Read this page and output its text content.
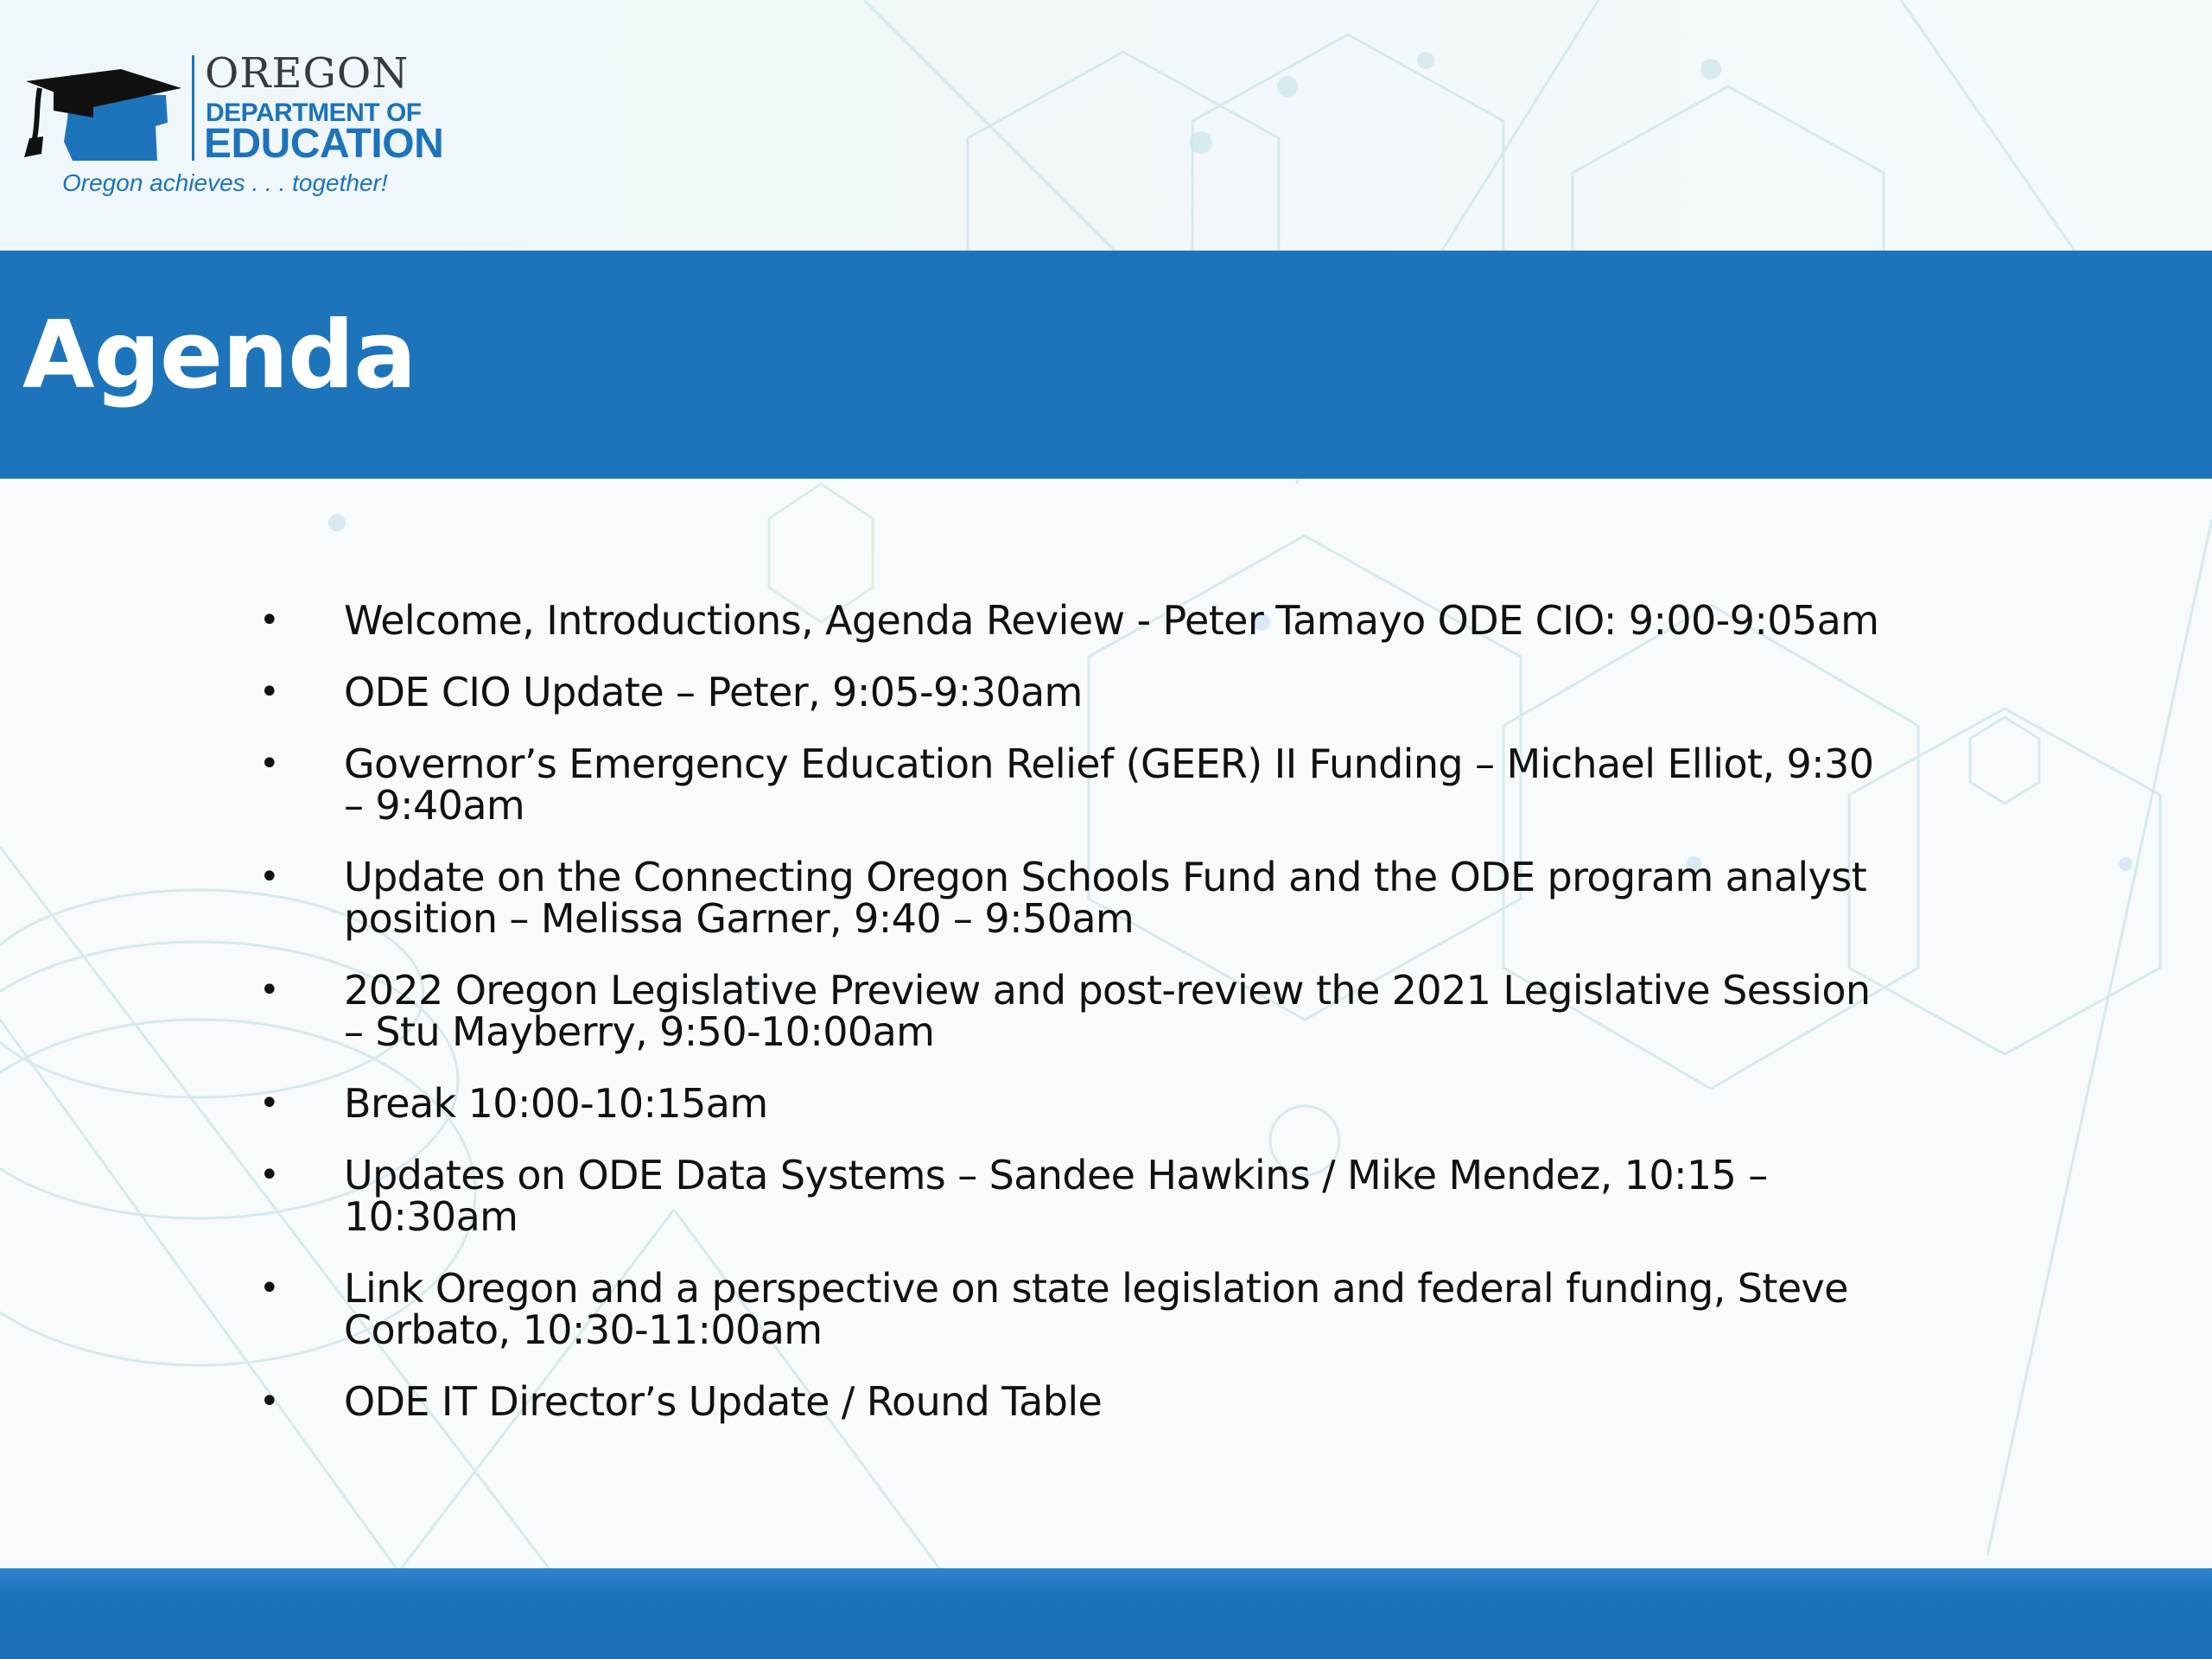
OREGON
DEPARTMENT OF
EDUCATION
Oregon achieves . . . together!
Agenda
• Welcome, Introductions, Agenda Review - Peter Tamayo ODE CIO: 9:00-9:05am
• ODE CIO Update – Peter, 9:05-9:30am
• Governor’s Emergency Education Relief (GEER) II Funding – Michael Elliot, 9:30 – 9:40am
• Update on the Connecting Oregon Schools Fund and the ODE program analyst position – Melissa Garner, 9:40 – 9:50am
• 2022 Oregon Legislative Preview and post-review the 2021 Legislative Session – Stu Mayberry, 9:50-10:00am
• Break 10:00-10:15am
• Updates on ODE Data Systems – Sandee Hawkins / Mike Mendez, 10:15 – 10:30am
• Link Oregon and a perspective on state legislation and federal funding, Steve Corbato, 10:30-11:00am
• ODE IT Director’s Update / Round Table
